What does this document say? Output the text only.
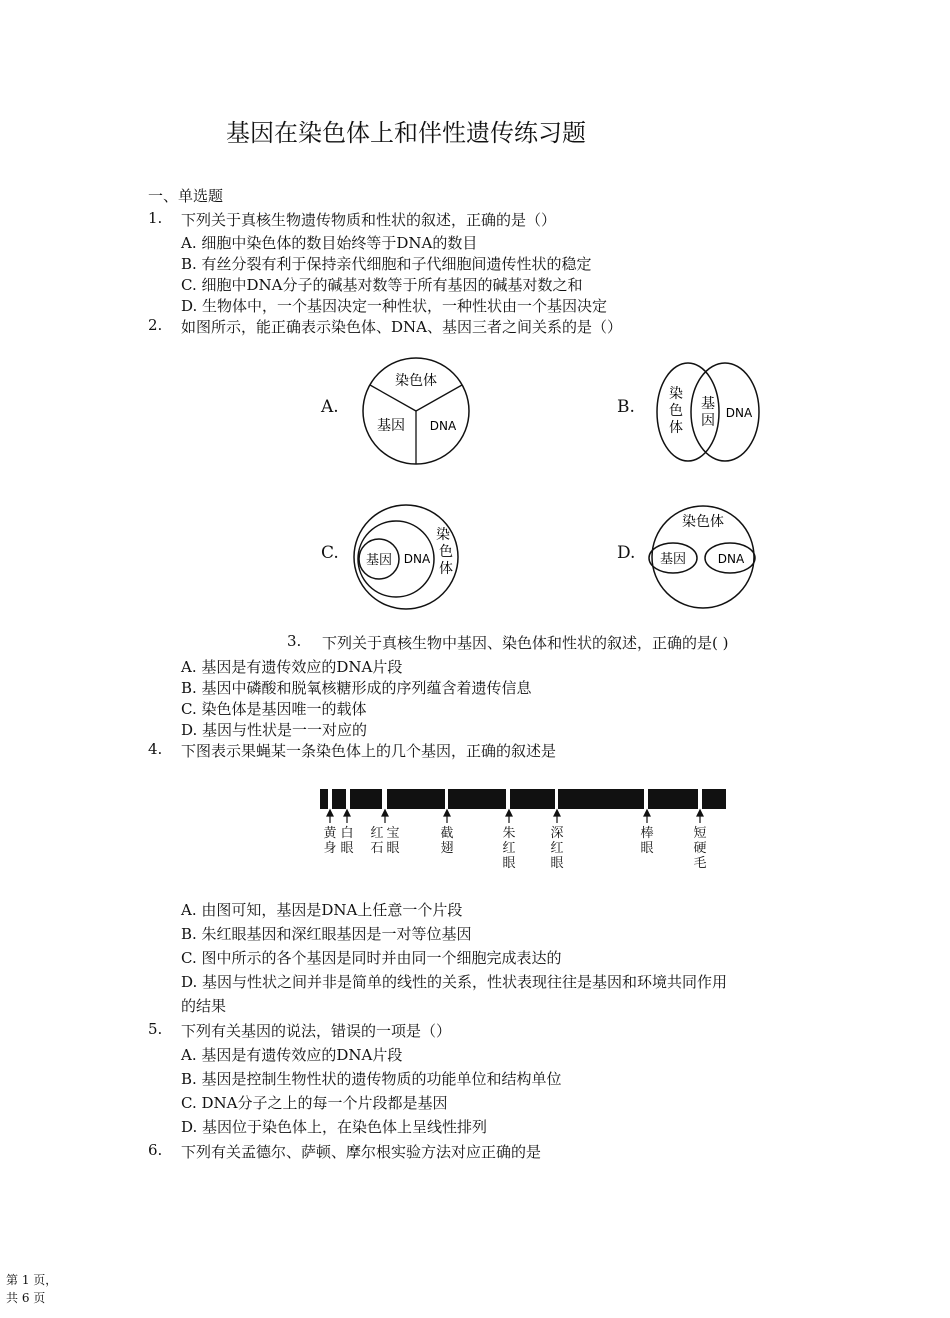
基因在染色体上和伴性遗传练习题
一、单选题
1. 下列关于真核生物遗传物质和性状的叙述，正确的是（）
A. 细胞中染色体的数目始终等于DNA的数目
B. 有丝分裂有利于保持亲代细胞和子代细胞间遗传性状的稳定
C. 细胞中DNA分子的碱基对数等于所有基因的碱基对数之和
D. 生物体中，一个基因决定一种性状，一种性状由一个基因决定
2. 如图所示，能正确表示染色体、DNA、基因三者之间关系的是（）
A.	B.
C.	D.
染色体
基因 DNA
染
色
体
基
因 DNA
基因 DNA
染
色
体
染色体
基因	DNA
3. 下列关于真核生物中基因、染色体和性状的叙述，正确的是( )
A. 基因是有遗传效应的DNA片段
B. 基因中磷酸和脱氧核糖形成的序列蕴含着遗传信息
C. 染色体是基因唯一的载体
D. 基因与性状是一一对应的
4. 下图表示果蝇某一条染色体上的几个基因，正确的叙述是
黄
身
白
眼
红
石
宝
眼
截
翅
朱
红
眼
深
红
眼
棒
眼
短
硬
毛
A. 由图可知，基因是DNA上任意一个片段
B. 朱红眼基因和深红眼基因是一对等位基因
C. 图中所示的各个基因是同时并由同一个细胞完成表达的
D. 基因与性状之间并非是简单的线性的关系，性状表现往往是基因和环境共同作用
的结果
5. 下列有关基因的说法，错误的一项是（）
A. 基因是有遗传效应的DNA片段
B. 基因是控制生物性状的遗传物质的功能单位和结构单位
C. DNA分子之上的每一个片段都是基因
D. 基因位于染色体上，在染色体上呈线性排列
6. 下列有关孟德尔、萨顿、摩尔根实验方法对应正确的是
第 1 页，
共 6 页
